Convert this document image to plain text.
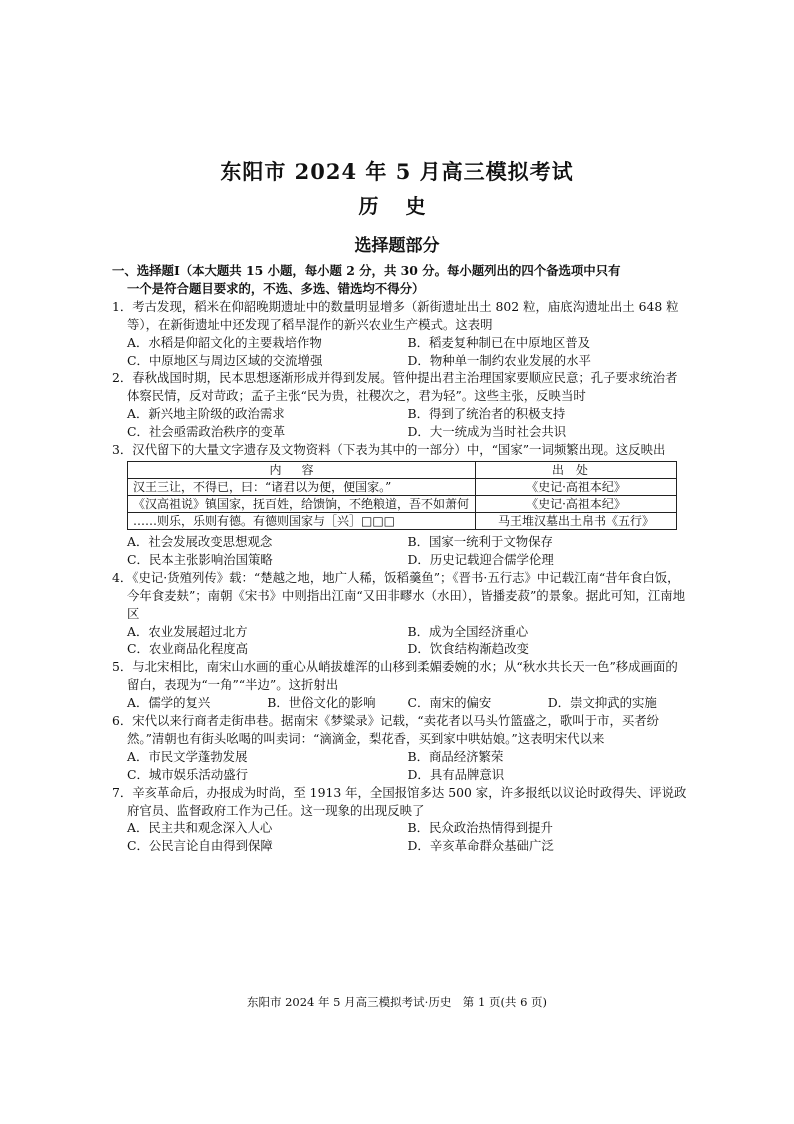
东阳市 2024 年 5 月高三模拟考试
历 史
选择题部分

一、选择题Ⅰ（本大题共 15 小题，每小题 2 分，共 30 分。每小题列出的四个备选项中只有

一个是符合题目要求的，不选、多选、错选均不得分）

1．考古发现，稻米在仰韶晚期遗址中的数量明显增多（新街遗址出土 802 粒，庙底沟遗址出土 648 粒等），在新街遗址中还发现了稻旱混作的新兴农业生产模式。这表明

A．水稻是仰韶文化的主要栽培作物	B．稻麦复种制已在中原地区普及
C．中原地区与周边区域的交流增强	D．物种单一制约农业发展的水平

2．春秋战国时期，民本思想逐渐形成并得到发展。管仲提出君主治理国家要顺应民意；孔子要求统治者体察民情，反对苛政；孟子主张“民为贵，社稷次之，君为轻”。这些主张，反映当时

A．新兴地主阶级的政治需求	B．得到了统治者的积极支持
C．社会亟需政治秩序的变革	D．大一统成为当时社会共识

3．汉代留下的大量文字遗存及文物资料（下表为其中的一部分）中，“国家”一词频繁出现。这反映出

内容	出处
汉王三让，不得已，曰：“诸君以为便，便国家。”	《史记·高祖本纪》
《汉高祖说》镇国家，抚百姓，给馈饷，不绝粮道，吾不如萧何	《史记·高祖本纪》
……则乐，乐则有德。有德则国家与［兴］□□□	马王堆汉墓出土帛书《五行》
A．社会发展改变思想观念	B．国家一统利于文物保存
C．民本主张影响治国策略	D．历史记载迎合儒学伦理

4．《史记·货殖列传》载：“楚越之地，地广人稀，饭稻羹鱼”；《晋书·五行志》中记载江南“昔年食白饭，今年食麦麸”；南朝《宋书》中则指出江南“又田非疁水（水田），皆播麦菽”的景象。据此可知，江南地区

A．农业发展超过北方	B．成为全国经济重心
C．农业商品化程度高	D．饮食结构渐趋改变

5．与北宋相比，南宋山水画的重心从峭拔雄浑的山移到柔媚委婉的水；从“秋水共长天一色”移成画面的留白，表现为“一角”“半边”。这折射出

A．儒学的复兴	B．世俗文化的影响	C．南宋的偏安	D．崇文抑武的实施

6．宋代以来行商者走街串巷。据南宋《梦粱录》记载，“卖花者以马头竹篮盛之，歌叫于市，买者纷然。”清朝也有街头吆喝的叫卖词：“滴滴金，梨花香，买到家中哄姑娘。”这表明宋代以来

A．市民文学蓬勃发展	B．商品经济繁荣
C．城市娱乐活动盛行	D．具有品牌意识

7．辛亥革命后，办报成为时尚，至 1913 年，全国报馆多达 500 家，许多报纸以议论时政得失、评说政府官员、监督政府工作为己任。这一现象的出现反映了

A．民主共和观念深入人心	B．民众政治热情得到提升
C．公民言论自由得到保障	D．辛亥革命群众基础广泛
东阳市 2024 年 5 月高三模拟考试·历史　第 1 页(共 6 页)
